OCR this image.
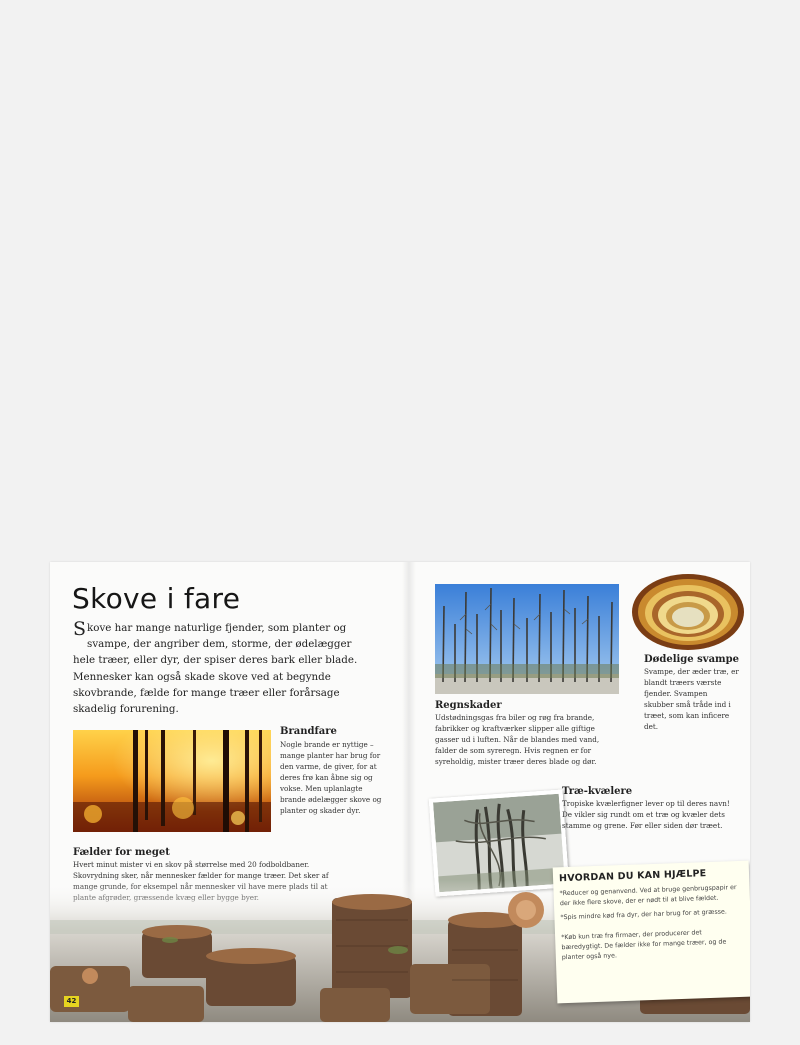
Skove i fare

Skove har mange naturlige fjender, som planter og svampe, der angriber dem, storme, der ødelægger hele træer, eller dyr, der spiser deres bark eller blade. Mennesker kan også skade skove ved at begynde skovbrande, fælde for mange træer eller forårsage skadelig forurening.

Brandfare

Nogle brande er nyttige – mange planter har brug for den varme, de giver, for at deres frø kan åbne sig og vokse. Men uplanlagte brande ødelægger skove og planter og skader dyr.

Fælder for meget

Hvert minut mister vi en skov på størrelse med 20 fodboldbaner. Skovrydning sker, når mennesker fælder for mange træer. Det sker af

Regnskader

Udstødningsgas fra biler og røg fra brande, fabrikker og kraftværker slipper alle giftige gasser ud i luften. Når de blandes med vand, falder de som syreregn. Hvis regnen er for syreholdig, mister træer deres blade og dør.

Dødelige svampe

Svampe, der æder træ, er blandt træers værste fjender. Svampen skubber små tråde ind i træet, som kan inficere det.

Træ-kvælere

Tropiske kvælerfigner lever op til deres navn! De vikler sig rundt om et træ og kvæler dets stamme og grene. Før eller siden dør træet.

HVORDAN DU KAN HJÆLPE

*Reducer og genanvend. Ved at bruge genbrugspapir er der ikke flere skove, der er nødt til at blive fældet.

*Spis mindre kød fra dyr, der har brug for at græsse.

*Køb kun træ fra firmaer, der producerer det bæredygtigt. De fælder ikke for mange træer, og de planter også nye.

42
